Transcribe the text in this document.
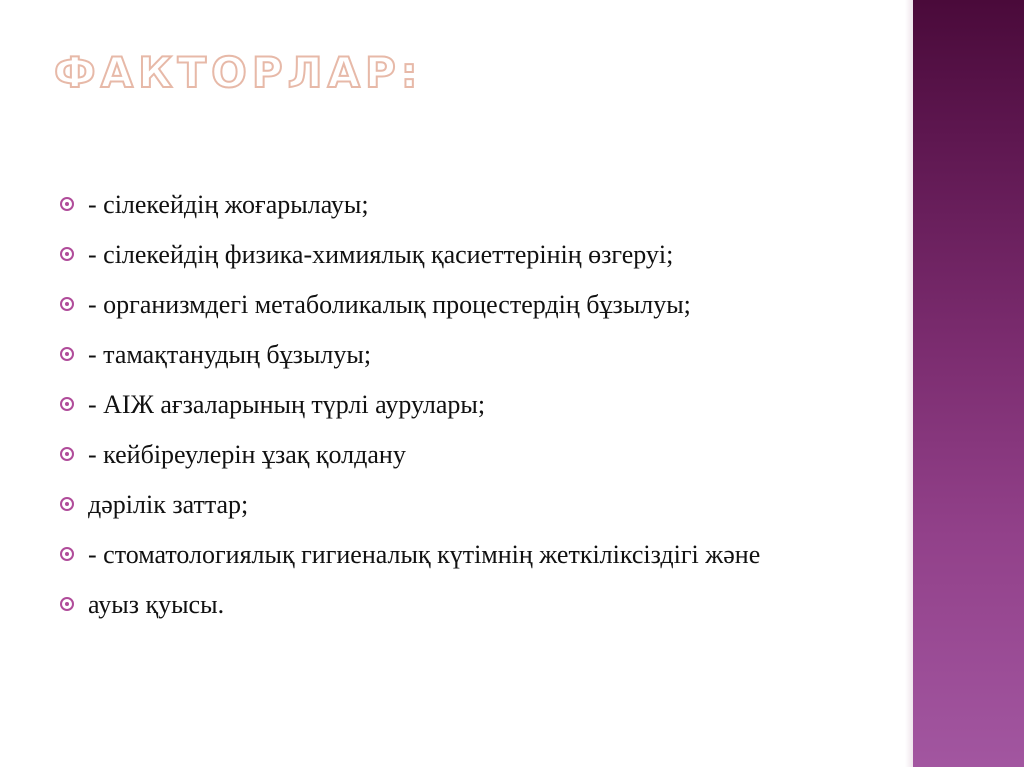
ФАКТОРЛАР:
- сілекейдің жоғарылауы;
- сілекейдің физика-химиялық қасиеттерінің өзгеруі;
- организмдегі метаболикалық процестердің бұзылуы;
- тамақтанудың бұзылуы;
- АІЖ ағзаларының түрлі аурулары;
- кейбіреулерін ұзақ қолдану
дәрілік заттар;
- стоматологиялық гигиеналық күтімнің жеткіліксіздігі және
ауыз қуысы.
